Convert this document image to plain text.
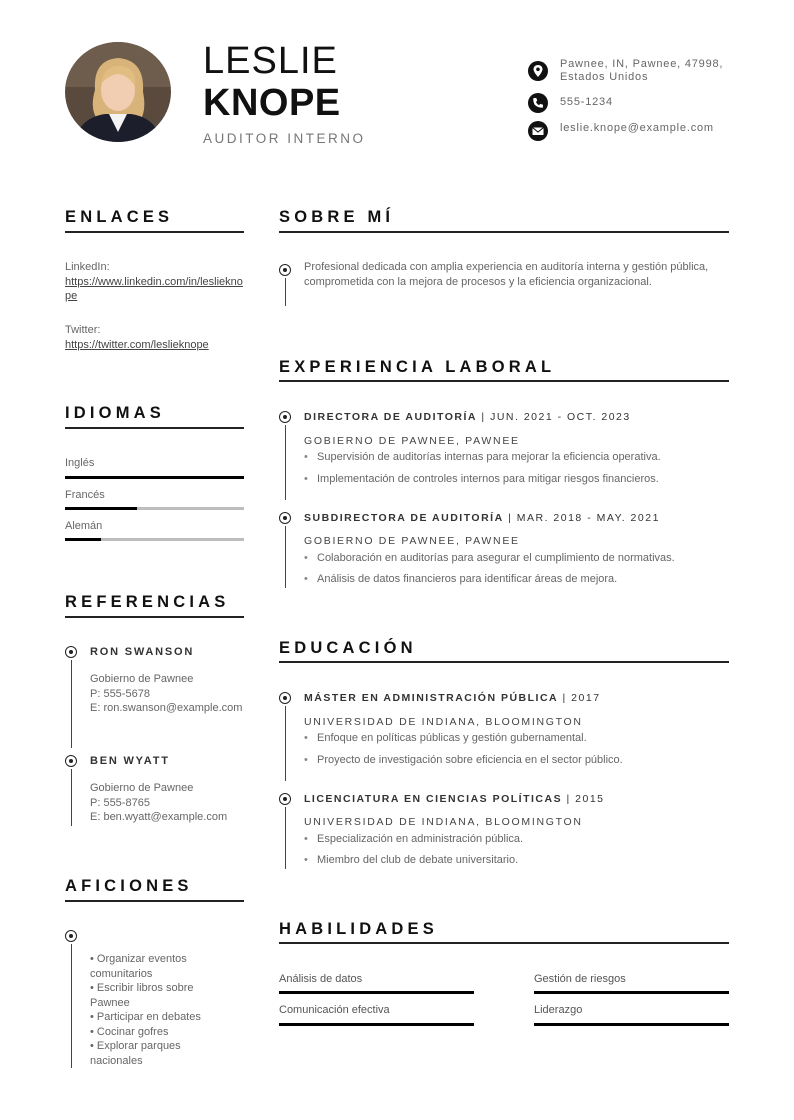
LESLIE
KNOPE
AUDITOR INTERNO
Pawnee, IN, Pawnee, 47998, Estados Unidos
555-1234
leslie.knope@example.com
ENLACES
LinkedIn:
https://www.linkedin.com/in/leslieknope
Twitter:
https://twitter.com/leslieknope
IDIOMAS
Inglés
Francés
Alemán
REFERENCIAS
RON SWANSON
Gobierno de Pawnee
P: 555-5678
E: ron.swanson@example.com
BEN WYATT
Gobierno de Pawnee
P: 555-8765
E: ben.wyatt@example.com
AFICIONES
• Organizar eventos comunitarios
• Escribir libros sobre Pawnee
• Participar en debates
• Cocinar gofres
• Explorar parques nacionales
SOBRE MÍ
Profesional dedicada con amplia experiencia en auditoría interna y gestión pública, comprometida con la mejora de procesos y la eficiencia organizacional.
EXPERIENCIA LABORAL
DIRECTORA DE AUDITORÍA | JUN. 2021 - OCT. 2023
GOBIERNO DE PAWNEE, PAWNEE
• Supervisión de auditorías internas para mejorar la eficiencia operativa.
• Implementación de controles internos para mitigar riesgos financieros.
SUBDIRECTORA DE AUDITORÍA | MAR. 2018 - MAY. 2021
GOBIERNO DE PAWNEE, PAWNEE
• Colaboración en auditorías para asegurar el cumplimiento de normativas.
• Análisis de datos financieros para identificar áreas de mejora.
EDUCACIÓN
MÁSTER EN ADMINISTRACIÓN PÚBLICA | 2017
UNIVERSIDAD DE INDIANA, BLOOMINGTON
• Enfoque en políticas públicas y gestión gubernamental.
• Proyecto de investigación sobre eficiencia en el sector público.
LICENCIATURA EN CIENCIAS POLÍTICAS | 2015
UNIVERSIDAD DE INDIANA, BLOOMINGTON
• Especialización en administración pública.
• Miembro del club de debate universitario.
HABILIDADES
Análisis de datos	Gestión de riesgos
Comunicación efectiva	Liderazgo
